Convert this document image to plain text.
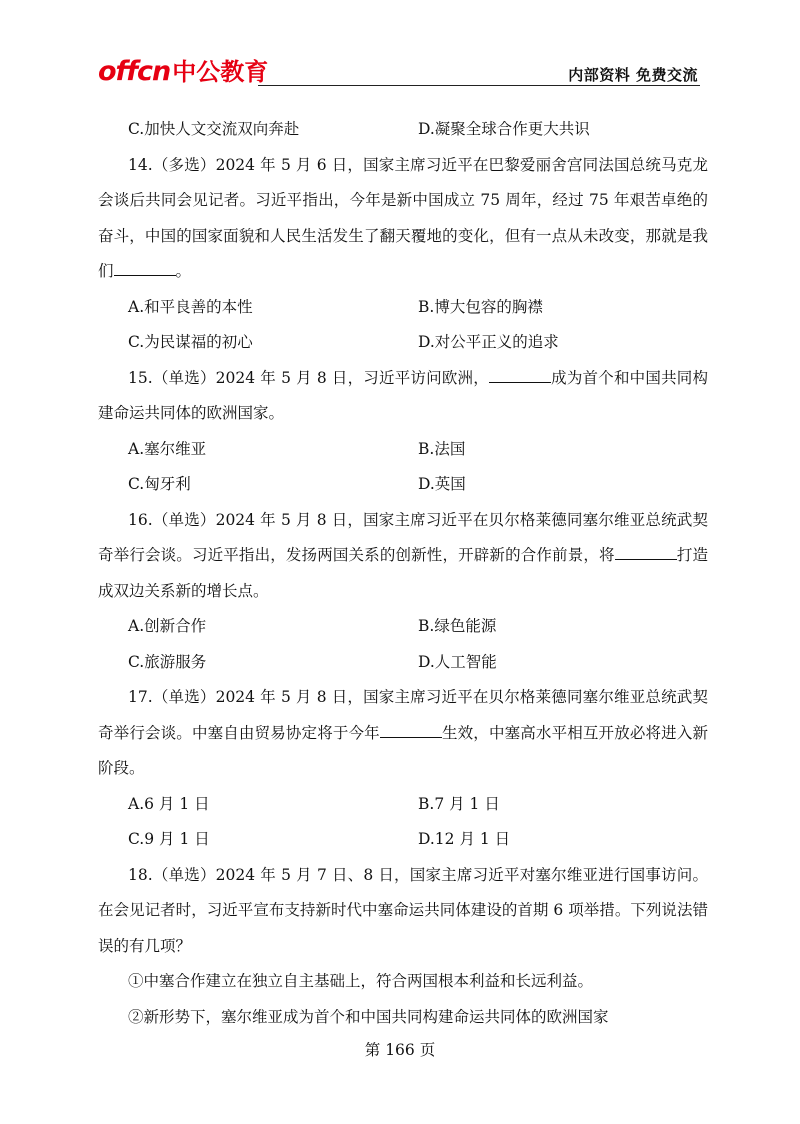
offcn 中公教育	内部资料 免费交流
C.加快人文交流双向奔赴	D.凝聚全球合作更大共识

14.（多选）2024 年 5 月 6 日，国家主席习近平在巴黎爱丽舍宫同法国总统马克龙会谈后共同会见记者。习近平指出，今年是新中国成立 75 周年，经过 75 年艰苦卓绝的奋斗，中国的国家面貌和人民生活发生了翻天覆地的变化，但有一点从未改变，那就是我们	。

A.和平良善的本性	B.博大包容的胸襟
C.为民谋福的初心	D.对公平正义的追求

15.（单选）2024 年 5 月 8 日，习近平访问欧洲，	成为首个和中国共同构建命运共同体的欧洲国家。

A.塞尔维亚	B.法国
C.匈牙利	D.英国

16.（单选）2024 年 5 月 8 日，国家主席习近平在贝尔格莱德同塞尔维亚总统武契奇举行会谈。习近平指出，发扬两国关系的创新性，开辟新的合作前景，将	打造成双边关系新的增长点。

A.创新合作	B.绿色能源
C.旅游服务	D.人工智能

17.（单选）2024 年 5 月 8 日，国家主席习近平在贝尔格莱德同塞尔维亚总统武契奇举行会谈。中塞自由贸易协定将于今年	生效，中塞高水平相互开放必将进入新阶段。

A.6 月 1 日	B.7 月 1 日
C.9 月 1 日	D.12 月 1 日

18.（单选）2024 年 5 月 7 日、8 日，国家主席习近平对塞尔维亚进行国事访问。在会见记者时，习近平宣布支持新时代中塞命运共同体建设的首期 6 项举措。下列说法错误的有几项？

①中塞合作建立在独立自主基础上，符合两国根本利益和长远利益。

②新形势下，塞尔维亚成为首个和中国共同构建命运共同体的欧洲国家

第 166 页
